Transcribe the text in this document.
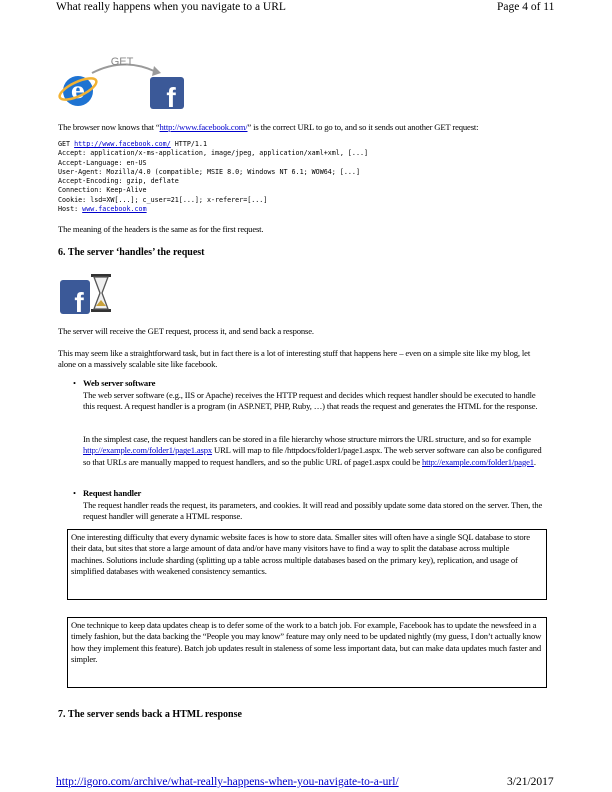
What really happens when you navigate to a URL	Page 4 of 11
e
GET
f
The browser now knows that “http://www.facebook.com/” is the correct URL to go to, and so it sends out another GET request:
GET http://www.facebook.com/ HTTP/1.1
Accept: application/x-ms-application, image/jpeg, application/xaml+xml, [...]
Accept-Language: en-US
User-Agent: Mozilla/4.0 (compatible; MSIE 8.0; Windows NT 6.1; WOW64; [...]
Accept-Encoding: gzip, deflate
Connection: Keep-Alive
Cookie: lsd=XW[...]; c_user=21[...]; x-referer=[...]
Host: www.facebook.com
The meaning of the headers is the same as for the first request.
6. The server ‘handles’ the request
f
The server will receive the GET request, process it, and send back a response.
This may seem like a straightforward task, but in fact there is a lot of interesting stuff that happens here – even on a simple site like my blog, let alone on a massively scalable site like facebook.
• Web server software
The web server software (e.g., IIS or Apache) receives the HTTP request and decides which request handler should be executed to handle this request. A request handler is a program (in ASP.NET, PHP, Ruby, …) that reads the request and generates the HTML for the response.
In the simplest case, the request handlers can be stored in a file hierarchy whose structure mirrors the URL structure, and so for example http://example.com/folder1/page1.aspx URL will map to file /httpdocs/folder1/page1.aspx. The web server software can also be configured so that URLs are manually mapped to request handlers, and so the public URL of page1.aspx could be http://example.com/folder1/page1.
• Request handler
The request handler reads the request, its parameters, and cookies. It will read and possibly update some data stored on the server. Then, the request handler will generate a HTML response.
One interesting difficulty that every dynamic website faces is how to store data. Smaller sites will often have a single SQL database to store their data, but sites that store a large amount of data and/or have many visitors have to find a way to split the database across multiple machines. Solutions include sharding (splitting up a table across multiple databases based on the primary key), replication, and usage of simplified databases with weakened consistency semantics.
One technique to keep data updates cheap is to defer some of the work to a batch job. For example, Facebook has to update the newsfeed in a timely fashion, but the data backing the “People you may know” feature may only need to be updated nightly (my guess, I don’t actually know how they implement this feature). Batch job updates result in staleness of some less important data, but can make data updates much faster and simpler.
7. The server sends back a HTML response
http://igoro.com/archive/what-really-happens-when-you-navigate-to-a-url/	3/21/2017
